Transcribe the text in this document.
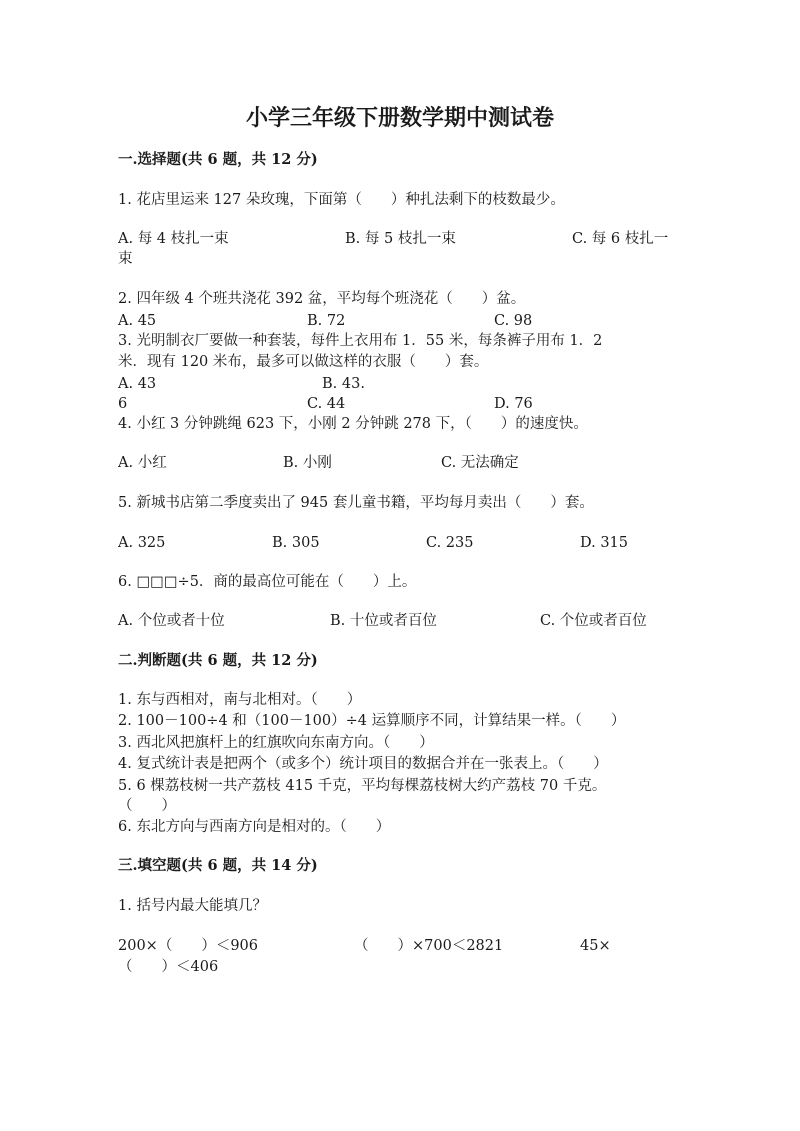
小学三年级下册数学期中测试卷
一.选择题(共 6 题，共 12 分)
1. 花店里运来 127 朵玫瑰，下面第（　　）种扎法剩下的枝数最少。
A. 每 4 枝扎一束	B. 每 5 枝扎一束	C. 每 6 枝扎一
束
2. 四年级 4 个班共浇花 392 盆，平均每个班浇花（　　）盆。
A. 45	B. 72	C. 98
3. 光明制衣厂要做一种套装，每件上衣用布 1．55 米，每条裤子用布 1．2
米．现有 120 米布，最多可以做这样的衣服（　　）套。
A. 43	B. 43.
6	C. 44	D. 76
4. 小红 3 分钟跳绳 623 下，小刚 2 分钟跳 278 下，（　　）的速度快。
A. 小红	B. 小刚	C. 无法确定
5. 新城书店第二季度卖出了 945 套儿童书籍，平均每月卖出（　　）套。
A. 325	B. 305	C. 235	D. 315
6. □□□÷5．商的最高位可能在（　　）上。
A. 个位或者十位	B. 十位或者百位	C. 个位或者百位
二.判断题(共 6 题，共 12 分)
1. 东与西相对，南与北相对。（　　）
2. 100－100÷4 和（100－100）÷4 运算顺序不同，计算结果一样。（　　）
3. 西北风把旗杆上的红旗吹向东南方向。（　　）
4. 复式统计表是把两个（或多个）统计项目的数据合并在一张表上。（　　）
5. 6 棵荔枝树一共产荔枝 415 千克，平均每棵荔枝树大约产荔枝 70 千克。
（　　）
6. 东北方向与西南方向是相对的。（　　）
三.填空题(共 6 题，共 14 分)
1. 括号内最大能填几？
200×（　　）＜906	（　　）×700＜2821	45×
（　　）＜406
